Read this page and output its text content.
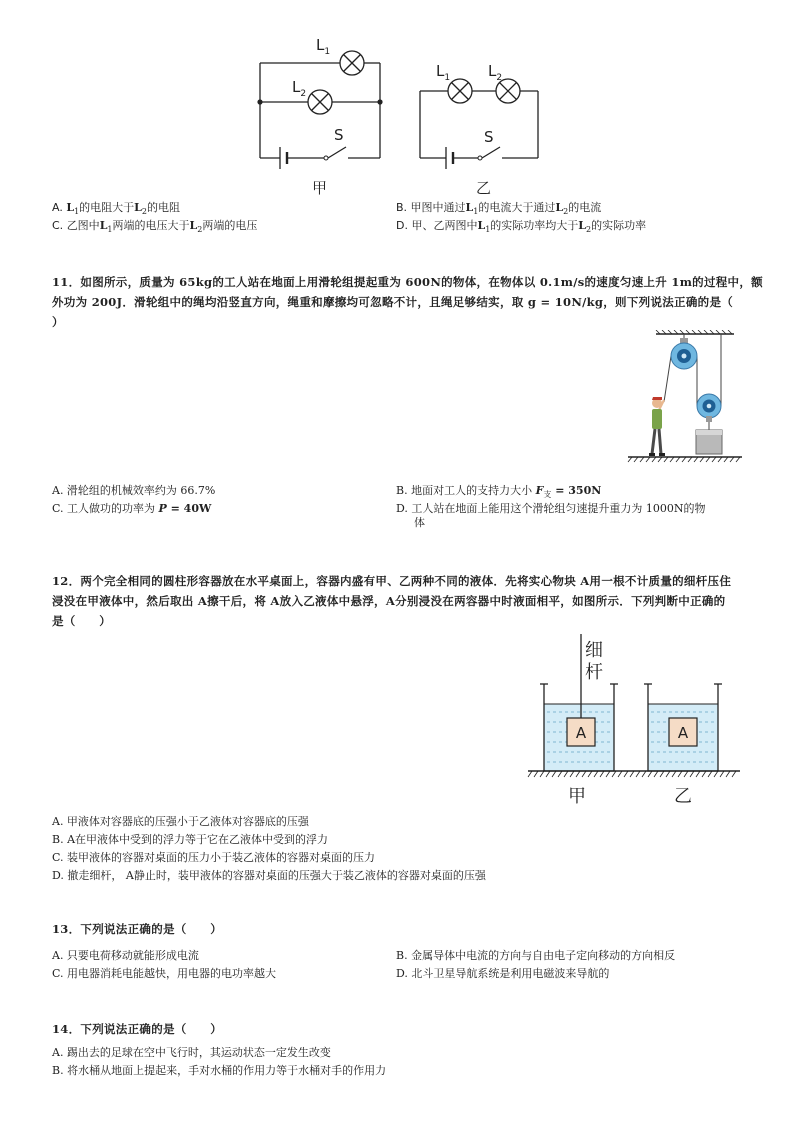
$L_1$
$L_2$
S
$L_1$	$L_2$
S
甲	乙
A. $L_1$的电阻大于$L_2$的电阻	B. 甲图中通过$L_1$的电流大于通过$L_2$的电流
C. 乙图中$L_1$两端的电压大于$L_2$两端的电压	D. 甲、乙两图中$L_1$的实际功率均大于$L_2$的实际功率
11．如图所示，质量为 65kg的工人站在地面上用滑轮组提起重为 600N的物体，在物体以 0.1m/s的速度匀速上升 1m的过程中，额
外功为 200J．滑轮组中的绳均沿竖直方向，绳重和摩擦均可忽略不计，且绳足够结实，取 g = 10N/kg，则下列说法正确的是（
）
A. 滑轮组的机械效率约为 66.7%	B. 地面对工人的支持力大小 $F_支 = 350N$
C. 工人做功的功率为 P = 40W	D. 工人站在地面上能用这个滑轮组匀速提升重力为 1000N的物
体
12．两个完全相同的圆柱形容器放在水平桌面上，容器内盛有甲、乙两种不同的液体．先将实心物块 A用一根不计质量的细杆压住
浸没在甲液体中，然后取出 A擦干后，将 A放入乙液体中悬浮，A分别浸没在两容器中时液面相平，如图所示．下列判断中正确的
是（　　）
A	A
细
杆
甲	乙
A. 甲液体对容器底的压强小于乙液体对容器底的压强
B. A在甲液体中受到的浮力等于它在乙液体中受到的浮力
C. 装甲液体的容器对桌面的压力小于装乙液体的容器对桌面的压力
D. 撤走细杆， A静止时，装甲液体的容器对桌面的压强大于装乙液体的容器对桌面的压强
13．下列说法正确的是（　　）
A. 只要电荷移动就能形成电流	B. 金属导体中电流的方向与自由电子定向移动的方向相反
C. 用电器消耗电能越快，用电器的电功率越大	D. 北斗卫星导航系统是利用电磁波来导航的
14．下列说法正确的是（　　）
A. 踢出去的足球在空中飞行时，其运动状态一定发生改变
B. 将水桶从地面上提起来，手对水桶的作用力等于水桶对手的作用力
